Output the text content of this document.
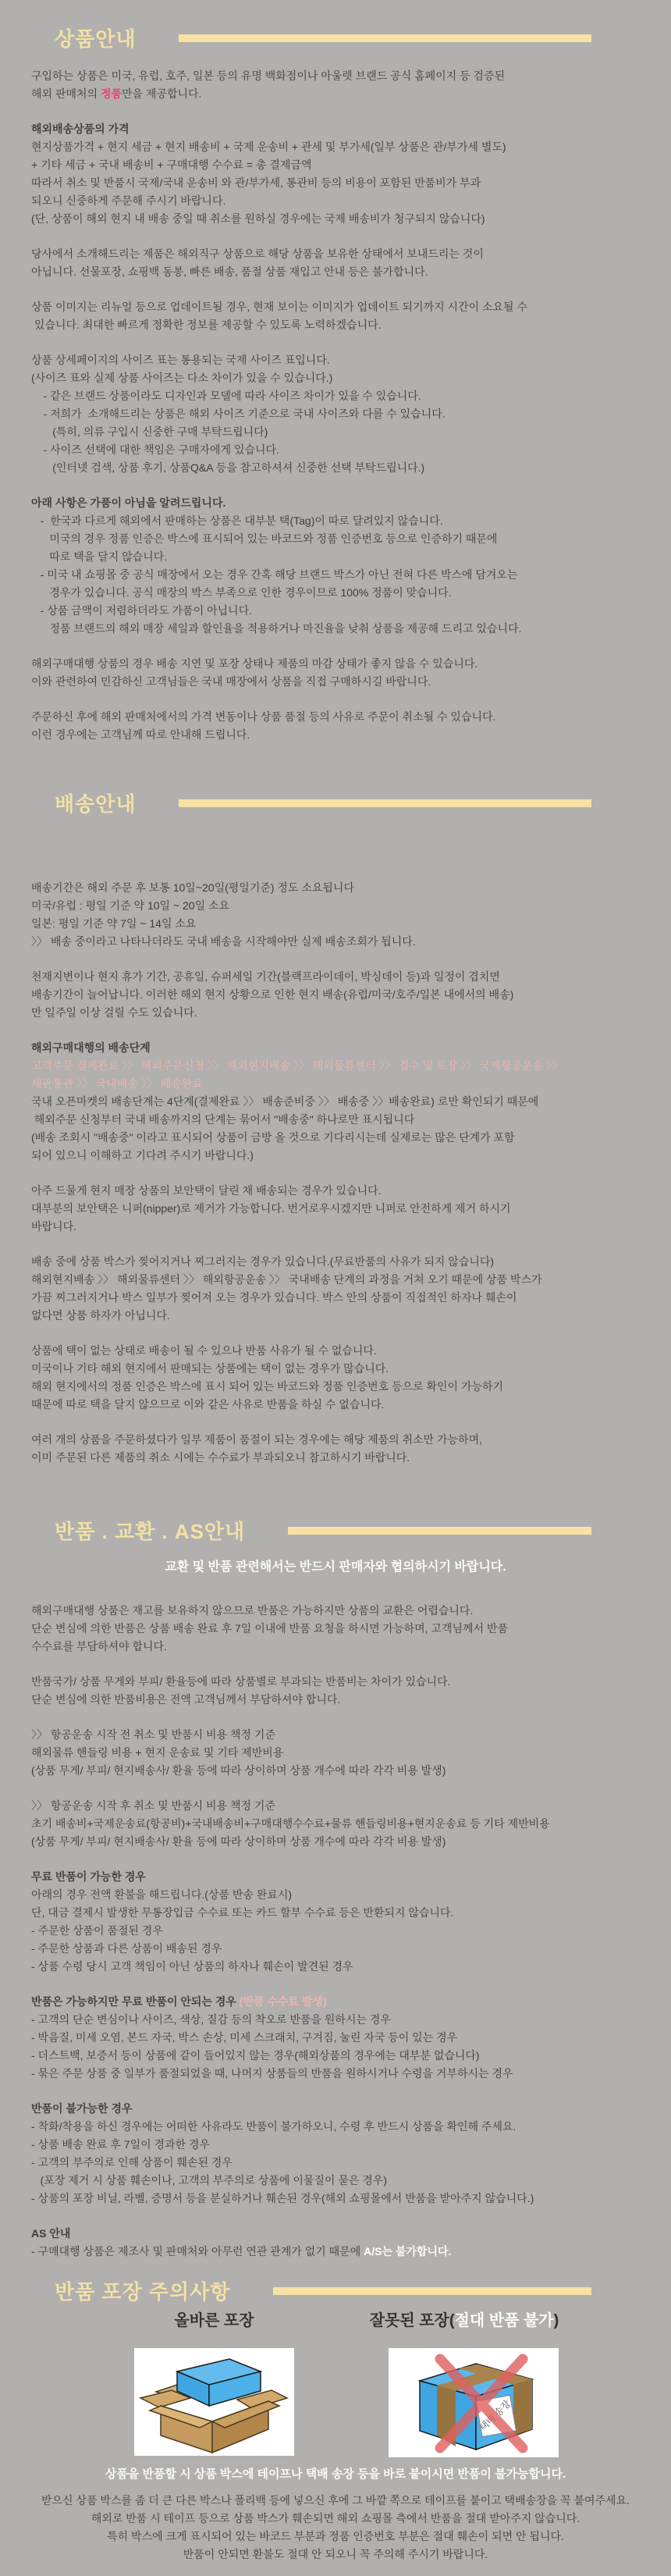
상품안내
구입하는 상품은 미국, 유럽, 호주, 일본 등의 유명 백화점이나 아울렛 브랜드 공식 홈페이지 등 검증된
해외 판매처의 정품만을 제공합니다.
해외배송상품의 가격
현지상품가격 + 현지 세금 + 현지 배송비 + 국제 운송비 + 관세 및 부가세(일부 상품은 관/부가세 별도)
+ 기타 세금 + 국내 배송비 + 구매대행 수수료 = 총 결제금액
따라서 취소 및 반품시 국제/국내 운송비 와 관/부가세, 통관비 등의 비용이 포함된 반품비가 부과
되오니 신중하게 주문해 주시기 바랍니다.
(단, 상품이 해외 현지 내 배송 중일 때 취소를 원하실 경우에는 국제 배송비가 청구되지 않습니다)
당사에서 소개해드리는 제품은 해외직구 상품으로 해당 상품을 보유한 상태에서 보내드리는 것이
아닙니다. 선물포장, 쇼핑백 동봉, 빠른 배송, 품절 상품 재입고 안내 등은 불가합니다.
상품 이미지는 리뉴얼 등으로 업데이트될 경우, 현재 보이는 이미지가 업데이트 되기까지 시간이 소요될 수
있습니다. 최대한 빠르게 정확한 정보를 제공할 수 있도록 노력하겠습니다.
상품 상세페이지의 사이즈 표는 통용되는 국제 사이즈 표입니다.
(사이즈 표와 실제 상품 사이즈는 다소 차이가 있을 수 있습니다.)
- 같은 브랜드 상품이라도 디자인과 모델에 따라 사이즈 차이가 있을 수 있습니다.
- 저희가  소개해드리는 상품은 해외 사이즈 기준으로 국내 사이즈와 다를 수 있습니다.
(특히, 의류 구입시 신중한 구매 부탁드립니다)
- 사이즈 선택에 대한 책임은 구매자에게 있습니다.
(인터넷 검색, 상품 후기, 상품Q&A 등을 참고하셔셔 신중한 선택 부탁드립니다.)
아래 사항은 가품이 아님을 알려드립니다.
-  한국과 다르게 해외에서 판매하는 상품은 대부분 택(Tag)이 따로 달려있지 않습니다.
미국의 경우 정품 인증은 박스에 표시되어 있는 바코드와 정품 인증번호 등으로 인증하기 때문에
따로 택을 달지 않습니다.
- 미국 내 쇼핑몰 중 공식 매장에서 오는 경우 간혹 해당 브랜드 박스가 아닌 전혀 다른 박스에 담겨오는
경우가 있습니다. 공식 매장의 박스 부족으로 인한 경우이므로 100% 정품이 맞습니다.
- 상품 금액이 저렴하더라도 가품이 아닙니다.
정품 브랜드의 해외 매장 세일과 할인율을 적용하거나 마진율을 낮춰 상품을 제공해 드리고 있습니다.
해외구매대행 상품의 경우 배송 지연 및 포장 상태나 제품의 마감 상태가 좋지 않을 수 있습니다.
이와 관련하여 민감하신 고객님들은 국내 매장에서 상품을 직접 구매하시길 바랍니다.
주문하신 후에 해외 판매처에서의 가격 변동이나 상품 품절 등의 사유로 주문이 취소될 수 있습니다.
이런 경우에는 고객님께 따로 안내해 드립니다.
배송안내
배송기간은 해외 주문 후 보통 10일~20일(평일기준) 정도 소요됩니다
미국/유럽 : 평일 기준 약 10일 ~ 20일 소요
일본: 평일 기준 약 7일 ~ 14일 소요
〉〉 배송 중이라고 나타나더라도 국내 배송을 시작해야만 실제 배송조회가 됩니다.
천재지변이나 현지 휴가 기간, 공휴일, 슈퍼세일 기간(블랙프라이데이, 박싱데이 등)과 일정이 겹치면
배송기간이 늘어납니다. 이러한 해외 현지 상황으로 인한 현지 배송(유럽/미국/호주/일본 내에서의 배송)
만 일주일 이상 걸릴 수도 있습니다.
해외구매대행의 배송단계
고객주문 결제완료 〉〉 해외주문신청 〉〉 해외현지배송 〉〉 해외물류센터 〉〉 검수 및 포장 〉〉 국제항공운송 〉〉
세관통관 〉〉 국내배송 〉〉 배송완료
국내 오픈마켓의 배송단계는 4단계(결제완료 〉〉 배송준비중 〉〉 배송중 〉〉배송완료) 로만 확인되기 때문에
해외주문 신청부터 국내 배송까지의 단계는 묶어서 "배송중" 하나로만 표시됩니다
(배송 조회시 "배송중" 이라고 표시되어 상품이 금방 올 것으로 기다리시는데 실제로는 많은 단계가 포함
되어 있으니 이해하고 기다려 주시기 바랍니다.)
아주 드물게 현지 매장 상품의 보안택이 달린 채 배송되는 경우가 있습니다.
대부분의 보안택은 니퍼(nipper)로 제거가 가능합니다. 번거로우시겠지만 니퍼로 안전하게 제거 하시기
바랍니다.
배송 중에 상품 박스가 찢어지거나 찌그러지는 경우가 있습니다.(무료반품의 사유가 되지 않습니다)
해외현지배송 〉〉 해외물류센터 〉〉 해외항공운송 〉〉 국내배송 단계의 과정을 거쳐 오기 때문에 상품 박스가
가끔 찌그러지거나 박스 일부가 찢어져 오는 경우가 있습니다. 박스 안의 상품이 직접적인 하자나 훼손이
없다면 상품 하자가 아닙니다.
상품에 택이 없는 상태로 배송이 될 수 있으나 반품 사유가 될 수 없습니다.
미국이나 기타 해외 현지에서 판매되는 상품에는 택이 없는 경우가 많습니다.
해외 현지에서의 정품 인증은 박스에 표시 되어 있는 바코드와 정품 인증번호 등으로 확인이 가능하기
때문에 따로 택을 달지 않으므로 이와 같은 사유로 반품을 하실 수 없습니다.
여러 개의 상품을 주문하셨다가 일부 제품이 품절이 되는 경우에는 해당 제품의 취소만 가능하며,
이미 주문된 다른 제품의 취소 시에는 수수료가 부과되오니 참고하시기 바랍니다.
반품 . 교환 . AS안내
교환 및 반품 관련해서는 반드시 판매자와 협의하시기 바랍니다.
해외구매대행 상품은 재고를 보유하지 않으므로 반품은 가능하지만 상품의 교환은 어렵습니다.
단순 변심에 의한 반품은 상품 배송 완료 후 7일 이내에 반품 요청을 하시면 가능하며, 고객님께서 반품
수수료를 부담하셔야 합니다.
반품국가/ 상품 무게와 부피/ 환율등에 따라 상품별로 부과되는 반품비는 차이가 있습니다.
단순 변심에 의한 반품비용은 전액 고객님께서 부담하셔야 합니다.
〉〉 항공운송 시작 전 취소 및 반품시 비용 책정 기준
해외물류 핸들링 비용 + 현지 운송료 및 기타 제반비용
(상품 무게/ 부피/ 현지배송사/ 환율 등에 따라 상이하며 상품 개수에 따라 각각 비용 발생)
〉〉 항공운송 시작 후 취소 및 반품시 비용 책정 기준
초기 배송비+국제운송료(항공비)+국내배송비+구매대행수수료+물류 핸들링비용+현지운송료 등 기타 제반비용
(상품 무게/ 부피/ 현지배송사/ 환율 등에 따라 상이하며 상품 개수에 따라 각각 비용 발생)
무료 반품이 가능한 경우
아래의 경우 전액 환불을 해드립니다.(상품 반송 완료시)
단, 대금 결제시 발생한 무통장입금 수수료 또는 카드 할부 수수료 등은 반환되지 않습니다.
- 주문한 상품이 품절된 경우
- 주문한 상품과 다른 상품이 배송된 경우
- 상품 수령 당시 고객 책임이 아닌 상품의 하자나 훼손이 발견된 경우
반품은 가능하지만 무료 반품이 안되는 경우 (반품 수수료 발생)
- 고객의 단순 변심이나 사이즈, 색상, 질감 등의 착오로 반품을 원하시는 경우
- 박음질, 미세 오염, 본드 자국, 박스 손상, 미세 스크래치, 구겨짐, 눌린 자국 등이 있는 경우
- 더스트백, 보증서 등이 상품에 같이 들어있지 않는 경우(해외상품의 경우에는 대부분 없습니다)
- 묶은 주문 상품 중 일부가 품절되었을 때, 나머지 상품들의 반품을 원하시거나 수령을 거부하시는 경우
반품이 불가능한 경우
- 착화/착용을 하신 경우에는 어떠한 사유라도 반품이 불가하오니, 수령 후 반드시 상품을 확인해 주세요.
- 상품 배송 완료 후 7일이 경과한 경우
- 고객의 부주의로 인해 상품이 훼손된 경우
(포장 제거 시 상품 훼손이나, 고객의 부주의로 상품에 이물질이 묻은 경우)
- 상품의 포장 비닐, 라벨, 증명서 등을 분실하거나 훼손된 경우(해외 쇼핑몰에서 반품을 받아주지 않습니다.)
AS 안내
- 구매대행 상품은 제조사 및 판매처와 아무런 연관 관계가 없기 때문에 A/S는 불가합니다.
반품 포장 주의사항
올바른 포장	잘못된 포장(절대 반품 불가)
상품을 반품할 시 상품 박스에 테이프나 택배 송장 등을 바로 붙이시면 반품이 불가능합니다.
받으신 상품 박스를 좀 더 큰 다른 박스나 폴리백 등에 넣으신 후에 그 바깥 쪽으로 테이프를 붙이고 택배송장을 꼭 붙여주세요.
해외로 반품 시 테이프 등으로 상품 박스가 훼손되면 해외 쇼핑몰 측에서 반품을 절대 받아주지 않습니다.
특히 박스에 크게 표시되어 있는 바코드 부분과 정품 인증번호 부분은 절대 훼손이 되면 안 됩니다.
반품이 안되면 환불도 절대 안 되오니 꼭 주의해 주시기 바랍니다.
